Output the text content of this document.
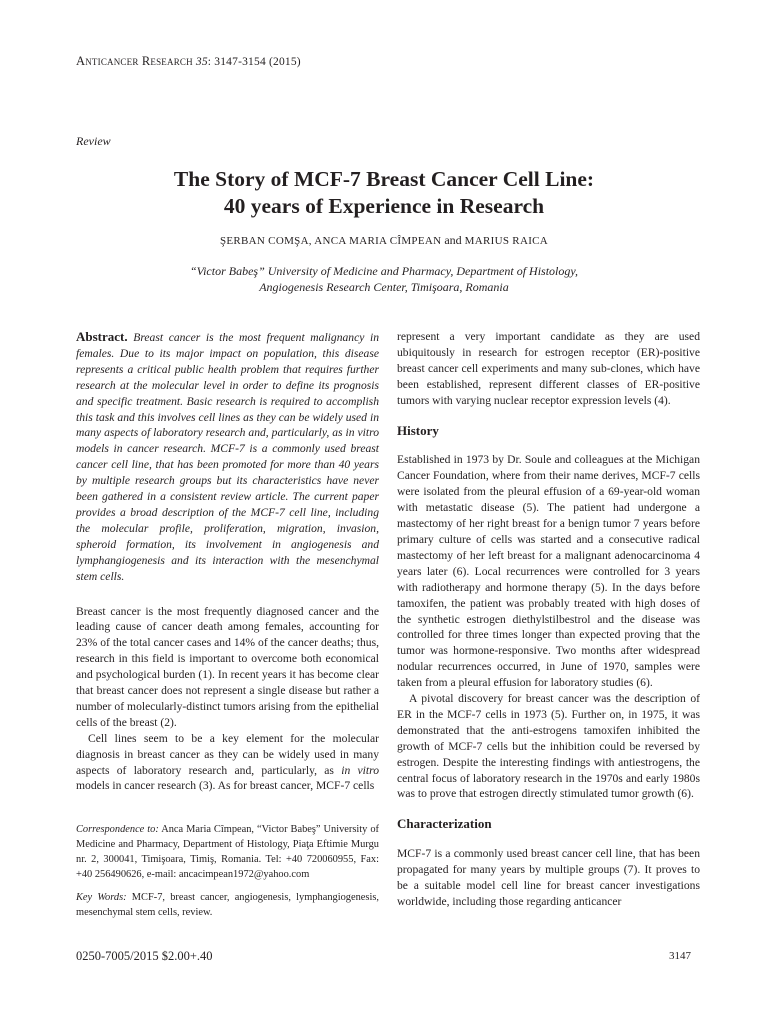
Anticancer Research 35: 3147-3154 (2015)
Review
The Story of MCF-7 Breast Cancer Cell Line:
40 years of Experience in Research
ŞERBAN COMŞA, ANCA MARIA CÎMPEAN and MARIUS RAICA
“Victor Babeş” University of Medicine and Pharmacy, Department of Histology,
Angiogenesis Research Center, Timişoara, Romania

Abstract. Breast cancer is the most frequent malignancy in females. Due to its major impact on population, this disease represents a critical public health problem that requires further research at the molecular level in order to define its prognosis and specific treatment. Basic research is required to accomplish this task and this involves cell lines as they can be widely used in many aspects of laboratory research and, particularly, as in vitro models in cancer research. MCF-7 is a commonly used breast cancer cell line, that has been promoted for more than 40 years by multiple research groups but its characteristics have never been gathered in a consistent review article. The current paper provides a broad description of the MCF-7 cell line, including the molecular profile, proliferation, migration, invasion, spheroid formation, its involvement in angiogenesis and lymphangiogenesis and its interaction with the mesenchymal stem cells.

Breast cancer is the most frequently diagnosed cancer and the leading cause of cancer death among females, accounting for 23% of the total cancer cases and 14% of the cancer deaths; thus, research in this field is important to overcome both economical and psychological burden (1). In recent years it has become clear that breast cancer does not represent a single disease but rather a number of molecularly-distinct tumors arising from the epithelial cells of the breast (2).

Cell lines seem to be a key element for the molecular diagnosis in breast cancer as they can be widely used in many aspects of laboratory research and, particularly, as in vitro models in cancer research (3). As for breast cancer, MCF-7 cells

represent a very important candidate as they are used ubiquitously in research for estrogen receptor (ER)-positive breast cancer cell experiments and many sub-clones, which have been established, represent different classes of ER-positive tumors with varying nuclear receptor expression levels (4).

History

Established in 1973 by Dr. Soule and colleagues at the Michigan Cancer Foundation, where from their name derives, MCF-7 cells were isolated from the pleural effusion of a 69-year-old woman with metastatic disease (5). The patient had undergone a mastectomy of her right breast for a benign tumor 7 years before primary culture of cells was started and a consecutive radical mastectomy of her left breast for a malignant adenocarcinoma 4 years later (6). Local recurrences were controlled for 3 years with radiotherapy and hormone therapy (5). In the days before tamoxifen, the patient was probably treated with high doses of the synthetic estrogen diethylstilbestrol and the disease was controlled for three times longer than expected proving that the tumor was hormone-responsive. Two months after widespread nodular recurrences occurred, in June of 1970, samples were taken from a pleural effusion for laboratory studies (6).

A pivotal discovery for breast cancer was the description of ER in the MCF-7 cells in 1973 (5). Further on, in 1975, it was demonstrated that the anti-estrogens tamoxifen inhibited the growth of MCF-7 cells but the inhibition could be reversed by estrogen. Despite the interesting findings with antiestrogens, the central focus of laboratory research in the 1970s and early 1980s was to prove that estrogen directly stimulated tumor growth (6).

Characterization

MCF-7 is a commonly used breast cancer cell line, that has been propagated for many years by multiple groups (7). It proves to be a suitable model cell line for breast cancer investigations worldwide, including those regarding anticancer

Correspondence to: Anca Maria Cîmpean, “Victor Babeş” University of Medicine and Pharmacy, Department of Histology, Piaţa Eftimie Murgu nr. 2, 300041, Timişoara, Timiş, Romania. Tel: +40 720060955, Fax: +40 256490626, e-mail: ancacimpean1972@yahoo.com
Key Words: MCF-7, breast cancer, angiogenesis, lymphangiogenesis, mesenchymal stem cells, review.
0250-7005/2015 $2.00+.40	3147
